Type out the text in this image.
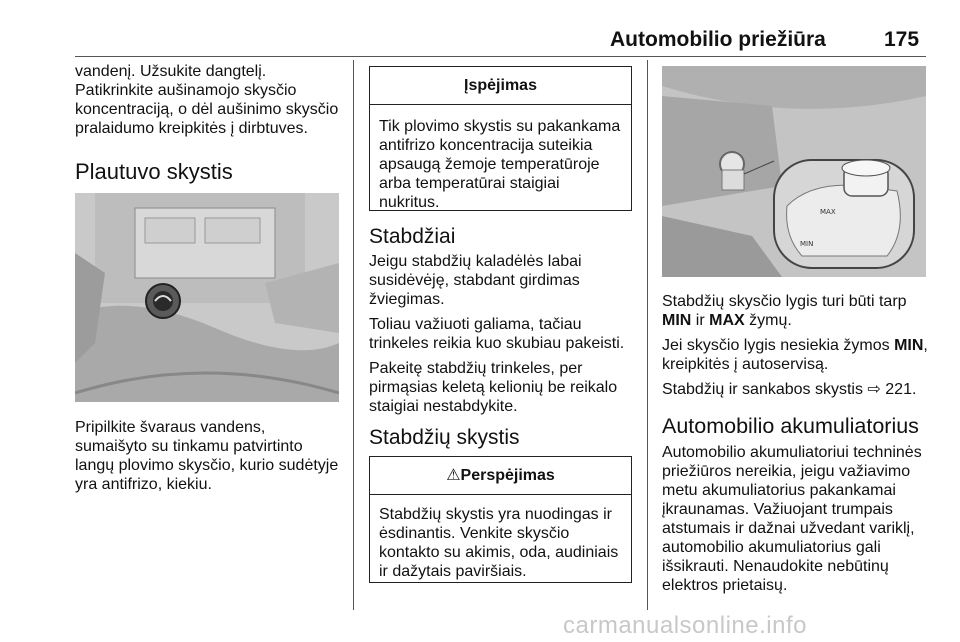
Automobilio priežiūra	175

vandenį. Užsukite dangtelį.
Patikrinkite aušinamojo skysčio
koncentraciją, o dėl aušinimo skysčio
pralaidumo kreipkitės į dirbtuves.

Plautuvo skystis

Pripilkite švaraus vandens,
sumaišyto su tinkamu patvirtinto
langų plovimo skysčio, kurio sudėtyje
yra antifrizo, kiekiu.

Įspėjimas
Tik plovimo skystis su pakankama
antifrizo koncentracija suteikia
apsaugą žemoje temperatūroje
arba temperatūrai staigiai
nukritus.
Stabdžiai

Jeigu stabdžių kaladėlės labai
susidėvėję, stabdant girdimas
žviegimas.

Toliau važiuoti galiama, tačiau
trinkeles reikia kuo skubiau pakeisti.

Pakeitę stabdžių trinkeles, per
pirmąsias keletą kelionių be reikalo
staigiai nestabdykite.

Stabdžių skystis
⚠Perspėjimas
Stabdžių skystis yra nuodingas ir
ėsdinantis. Venkite skysčio
kontakto su akimis, oda, audiniais
ir dažytais paviršiais.
MAX
MIN

Stabdžių skysčio lygis turi būti tarp
MIN ir MAX žymų.

Jei skysčio lygis nesiekia žymos MIN,
kreipkitės į autoservisą.

Stabdžių ir sankabos skystis ⇨ 221.

Automobilio akumuliatorius

Automobilio akumuliatoriui techninės
priežiūros nereikia, jeigu važiavimo
metu akumuliatorius pakankamai
įkraunamas. Važiuojant trumpais
atstumais ir dažnai užvedant variklį,
automobilio akumuliatorius gali
išsikrauti. Nenaudokite nebūtinų
elektros prietaisų.

carmanualsonline.info
